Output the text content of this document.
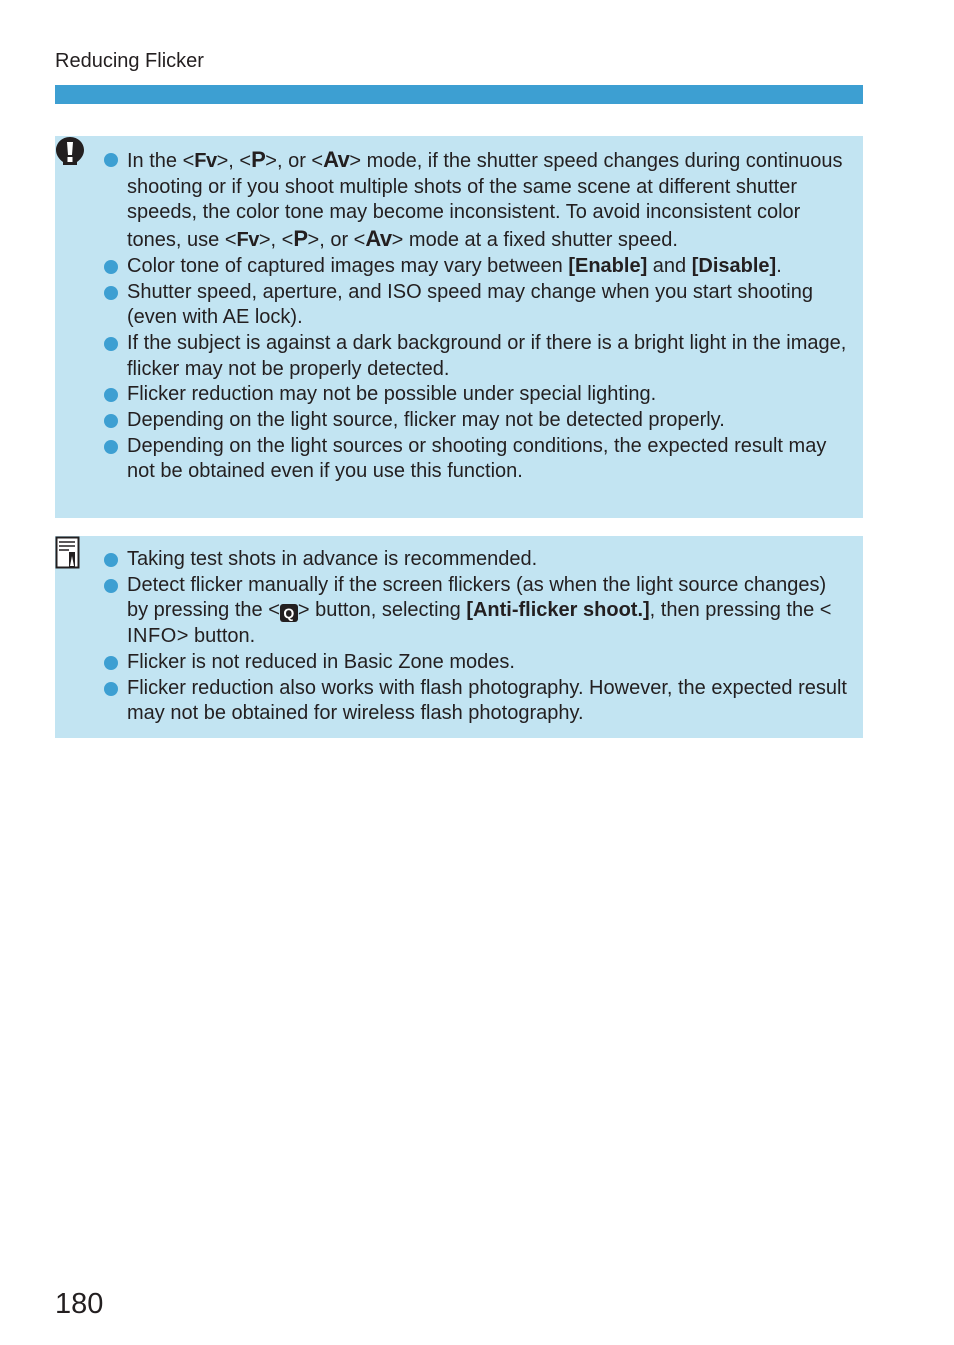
Reducing Flicker
In the <Fv>, <P>, or <Av> mode, if the shutter speed changes during continuous shooting or if you shoot multiple shots of the same scene at different shutter speeds, the color tone may become inconsistent. To avoid inconsistent color tones, use <Fv>, <P>, or <Av> mode at a fixed shutter speed.
Color tone of captured images may vary between [Enable] and [Disable].
Shutter speed, aperture, and ISO speed may change when you start shooting (even with AE lock).
If the subject is against a dark background or if there is a bright light in the image, flicker may not be properly detected.
Flicker reduction may not be possible under special lighting.
Depending on the light source, flicker may not be detected properly.
Depending on the light sources or shooting conditions, the expected result may not be obtained even if you use this function.
Taking test shots in advance is recommended.
Detect flicker manually if the screen flickers (as when the light source changes) by pressing the < Q > button, selecting [Anti-flicker shoot.], then pressing the <INFO> button.
Flicker is not reduced in Basic Zone modes.
Flicker reduction also works with flash photography. However, the expected result may not be obtained for wireless flash photography.
180
